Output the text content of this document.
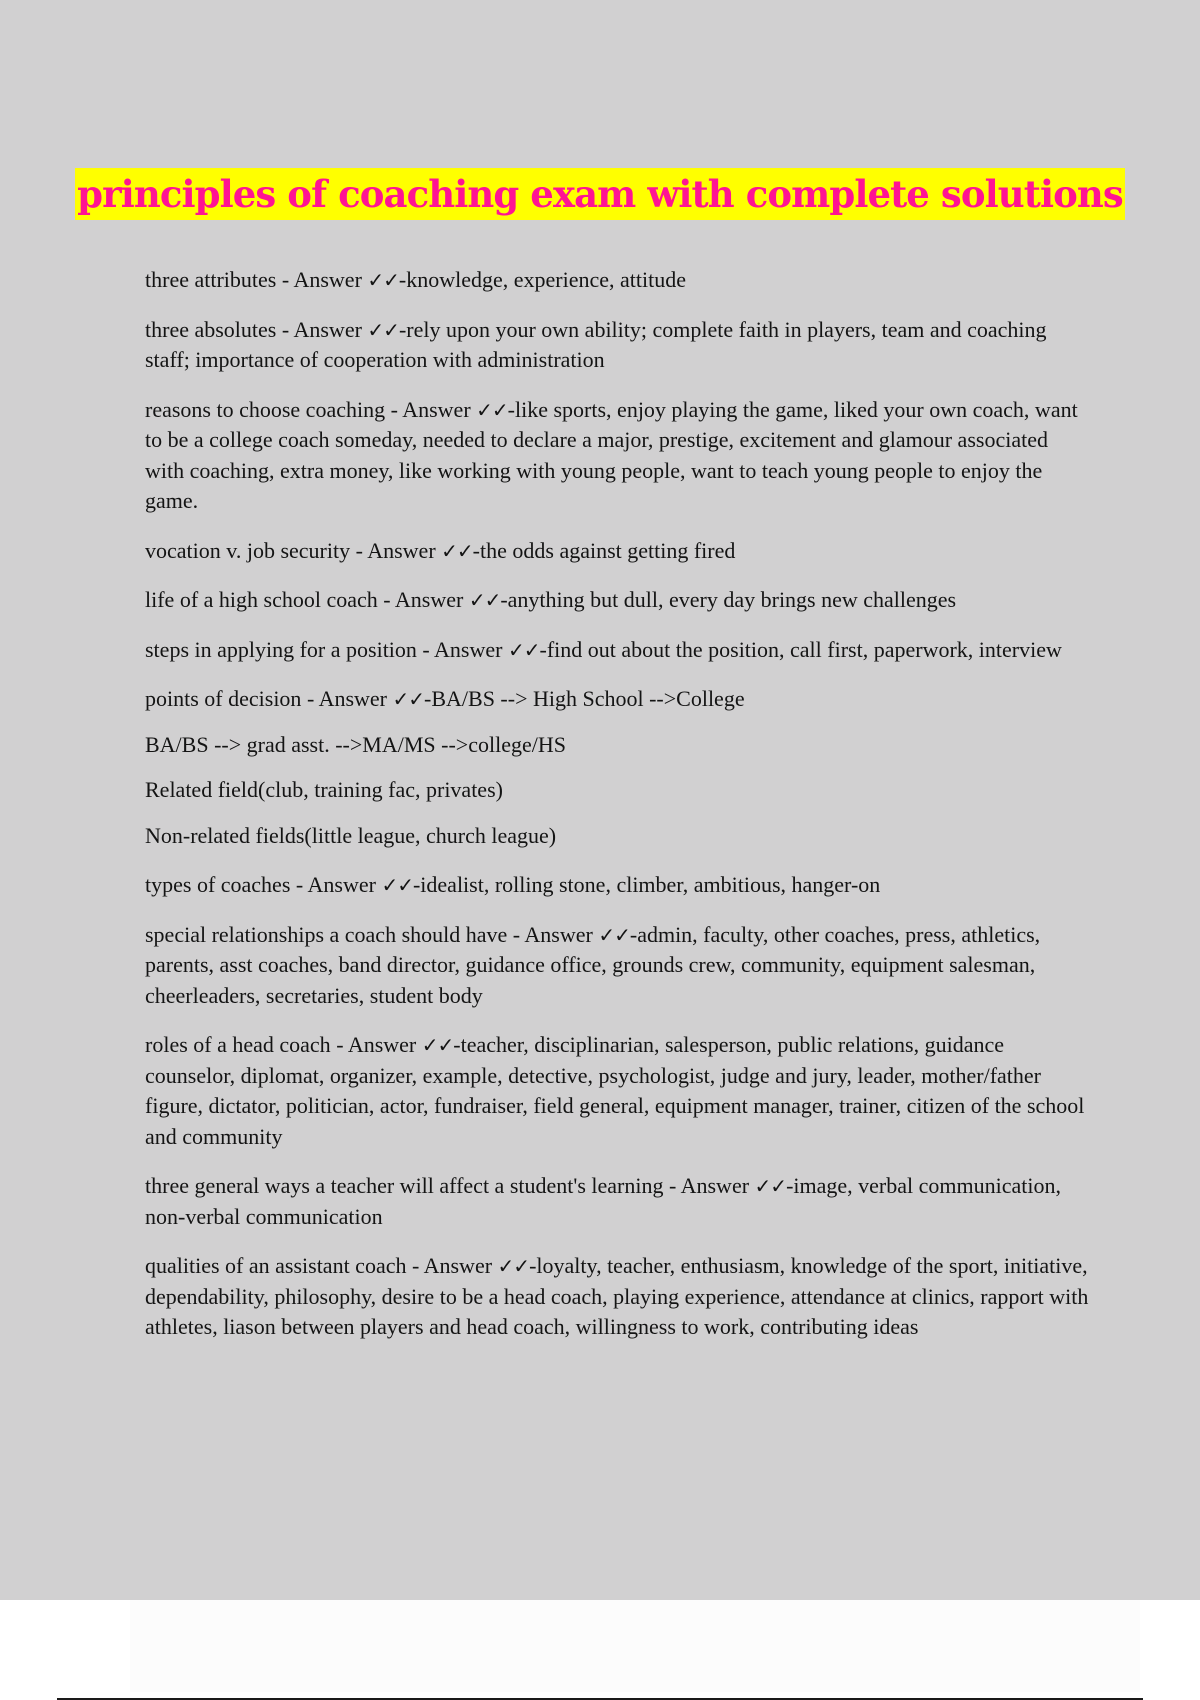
principles of coaching exam with complete solutions

three attributes - Answer ✓✓-knowledge, experience, attitude

three absolutes - Answer ✓✓-rely upon your own ability; complete faith in players, team and coaching staff; importance of cooperation with administration

reasons to choose coaching - Answer ✓✓-like sports, enjoy playing the game, liked your own coach, want to be a college coach someday, needed to declare a major, prestige, excitement and glamour associated with coaching, extra money, like working with young people, want to teach young people to enjoy the game.

vocation v. job security - Answer ✓✓-the odds against getting fired

life of a high school coach - Answer ✓✓-anything but dull, every day brings new challenges

steps in applying for a position - Answer ✓✓-find out about the position, call first, paperwork, interview

points of decision - Answer ✓✓-BA/BS --> High School -->College

BA/BS --> grad asst. -->MA/MS -->college/HS

Related field(club, training fac, privates)

Non-related fields(little league, church league)

types of coaches - Answer ✓✓-idealist, rolling stone, climber, ambitious, hanger-on

special relationships a coach should have - Answer ✓✓-admin, faculty, other coaches, press, athletics, parents, asst coaches, band director, guidance office, grounds crew, community, equipment salesman, cheerleaders, secretaries, student body

roles of a head coach - Answer ✓✓-teacher, disciplinarian, salesperson, public relations, guidance counselor, diplomat, organizer, example, detective, psychologist, judge and jury, leader, mother/father figure, dictator, politician, actor, fundraiser, field general, equipment manager, trainer, citizen of the school and community

three general ways a teacher will affect a student's learning - Answer ✓✓-image, verbal communication, non-verbal communication

qualities of an assistant coach - Answer ✓✓-loyalty, teacher, enthusiasm, knowledge of the sport, initiative, dependability, philosophy, desire to be a head coach, playing experience, attendance at clinics, rapport with athletes, liason between players and head coach, willingness to work, contributing ideas
